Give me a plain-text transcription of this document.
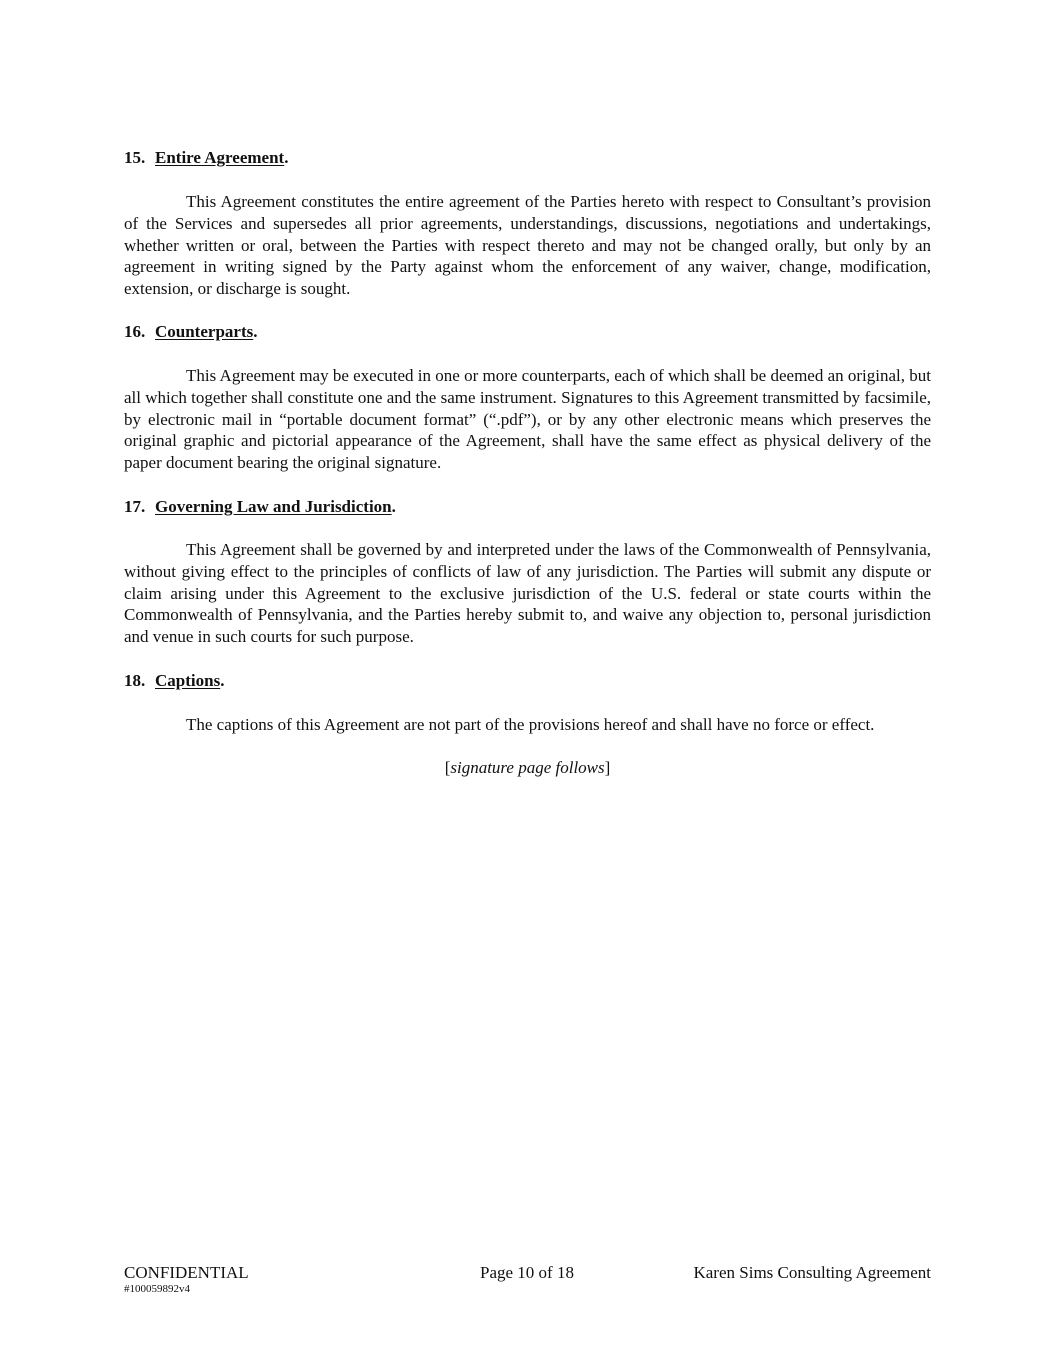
15. Entire Agreement.

This Agreement constitutes the entire agreement of the Parties hereto with respect to Consultant’s provision of the Services and supersedes all prior agreements, understandings, discussions, negotiations and undertakings, whether written or oral, between the Parties with respect thereto and may not be changed orally, but only by an agreement in writing signed by the Party against whom the enforcement of any waiver, change, modification, extension, or discharge is sought.

16. Counterparts.

This Agreement may be executed in one or more counterparts, each of which shall be deemed an original, but all which together shall constitute one and the same instrument. Signatures to this Agreement transmitted by facsimile, by electronic mail in “portable document format” (“.pdf”), or by any other electronic means which preserves the original graphic and pictorial appearance of the Agreement, shall have the same effect as physical delivery of the paper document bearing the original signature.

17. Governing Law and Jurisdiction.

This Agreement shall be governed by and interpreted under the laws of the Commonwealth of Pennsylvania, without giving effect to the principles of conflicts of law of any jurisdiction. The Parties will submit any dispute or claim arising under this Agreement to the exclusive jurisdiction of the U.S. federal or state courts within the Commonwealth of Pennsylvania, and the Parties hereby submit to, and waive any objection to, personal jurisdiction and venue in such courts for such purpose.

18. Captions.

The captions of this Agreement are not part of the provisions hereof and shall have no force or effect.

[signature page follows]
CONFIDENTIAL	Page 10 of 18	Karen Sims Consulting Agreement
#100059892v4
